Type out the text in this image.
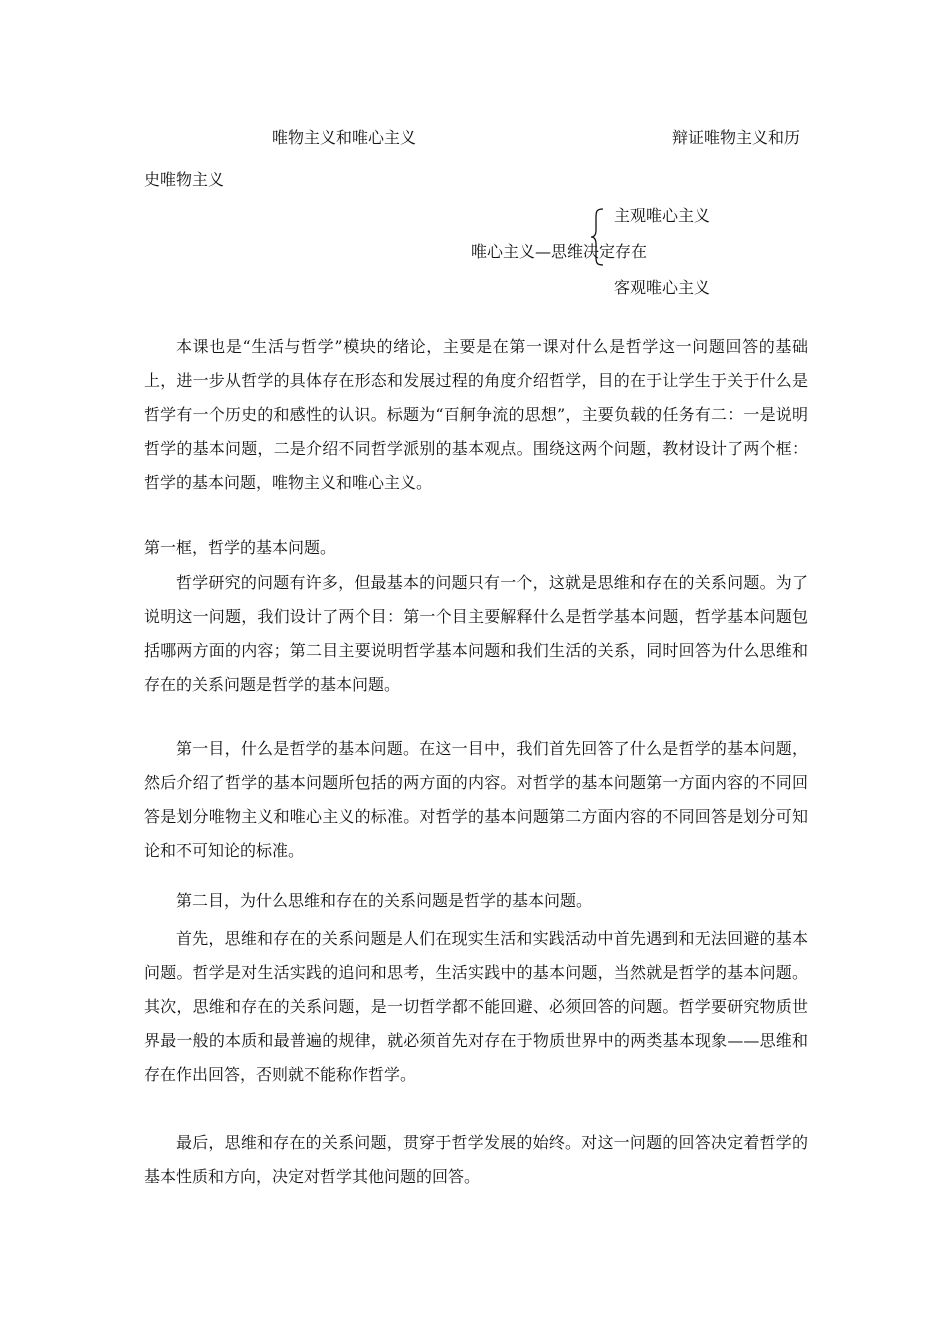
唯物主义和唯心主义	辩证唯物主义和历
史唯物主义
主观唯心主义
唯心主义—思维决定存在
客观唯心主义

本课也是“生活与哲学”模块的绪论，主要是在第一课对什么是哲学这一问题回答的基础上，进一步从哲学的具体存在形态和发展过程的角度介绍哲学，目的在于让学生于关于什么是哲学有一个历史的和感性的认识。标题为“百舸争流的思想”，主要负载的任务有二：一是说明哲学的基本问题，二是介绍不同哲学派别的基本观点。围绕这两个问题，教材设计了两个框：哲学的基本问题，唯物主义和唯心主义。

第一框，哲学的基本问题。

哲学研究的问题有许多，但最基本的问题只有一个，这就是思维和存在的关系问题。为了说明这一问题，我们设计了两个目：第一个目主要解释什么是哲学基本问题，哲学基本问题包括哪两方面的内容；第二目主要说明哲学基本问题和我们生活的关系，同时回答为什么思维和存在的关系问题是哲学的基本问题。

第一目，什么是哲学的基本问题。在这一目中，我们首先回答了什么是哲学的基本问题，然后介绍了哲学的基本问题所包括的两方面的内容。对哲学的基本问题第一方面内容的不同回答是划分唯物主义和唯心主义的标准。对哲学的基本问题第二方面内容的不同回答是划分可知论和不可知论的标准。

第二目，为什么思维和存在的关系问题是哲学的基本问题。

首先，思维和存在的关系问题是人们在现实生活和实践活动中首先遇到和无法回避的基本问题。哲学是对生活实践的追问和思考，生活实践中的基本问题，当然就是哲学的基本问题。其次，思维和存在的关系问题，是一切哲学都不能回避、必须回答的问题。哲学要研究物质世界最一般的本质和最普遍的规律，就必须首先对存在于物质世界中的两类基本现象——思维和存在作出回答，否则就不能称作哲学。

最后，思维和存在的关系问题，贯穿于哲学发展的始终。对这一问题的回答决定着哲学的基本性质和方向，决定对哲学其他问题的回答。
